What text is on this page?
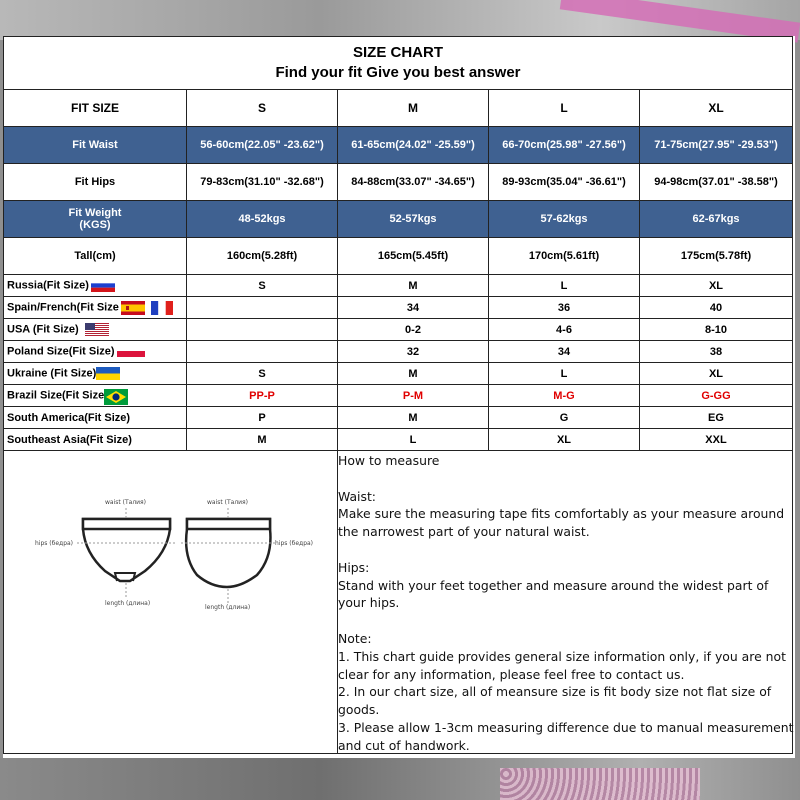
SIZE CHART
Find your fit Give you best answer				

FIT SIZE	S	M	L	XL
Fit Waist	56-60cm(22.05" -23.62")	61-65cm(24.02" -25.59")	66-70cm(25.98" -27.56")	71-75cm(27.95" -29.53")
Fit Hips	79-83cm(31.10" -32.68")	84-88cm(33.07" -34.65")	89-93cm(35.04" -36.61")	94-98cm(37.01" -38.58")

Fit Weight
(KGS)	48-52kgs	52-57kgs	57-62kgs	62-67kgs
Tall(cm)	160cm(5.28ft)	165cm(5.45ft)	170cm(5.61ft)	175cm(5.78ft)
Russia(Fit Size)	S	M	L	XL
Spain/French(Fit Size		34	36	40
USA (Fit Size)		0-2	4-6	8-10
Poland Size(Fit Size)		32	34	38
Ukraine (Fit Size)	S	M	L	XL
Brazil Size(Fit Size	PP-P	P-M	M-G	G-GG
South America(Fit Size)	P	M	G	EG
Southeast Asia(Fit Size)	M	L	XL	XXL

waist (Талия)
hips (бедра)
length (длина)
waist (Талия)
hips (бедра)
length (длина)
How to measure
Waist:
Make sure the measuring tape fits comfortably as your measure around
the narrowest part of your natural waist.
Hips:
Stand with your feet together and measure around the widest part of
your hips.
Note:
1. This chart guide provides general size information only, if you are not
clear for any information, please feel free to contact us.
2. In our chart size, all of meansure size is fit body size not flat size of
goods.
3. Please allow 1-3cm measuring difference due to manual measurement
and cut of handwork.
